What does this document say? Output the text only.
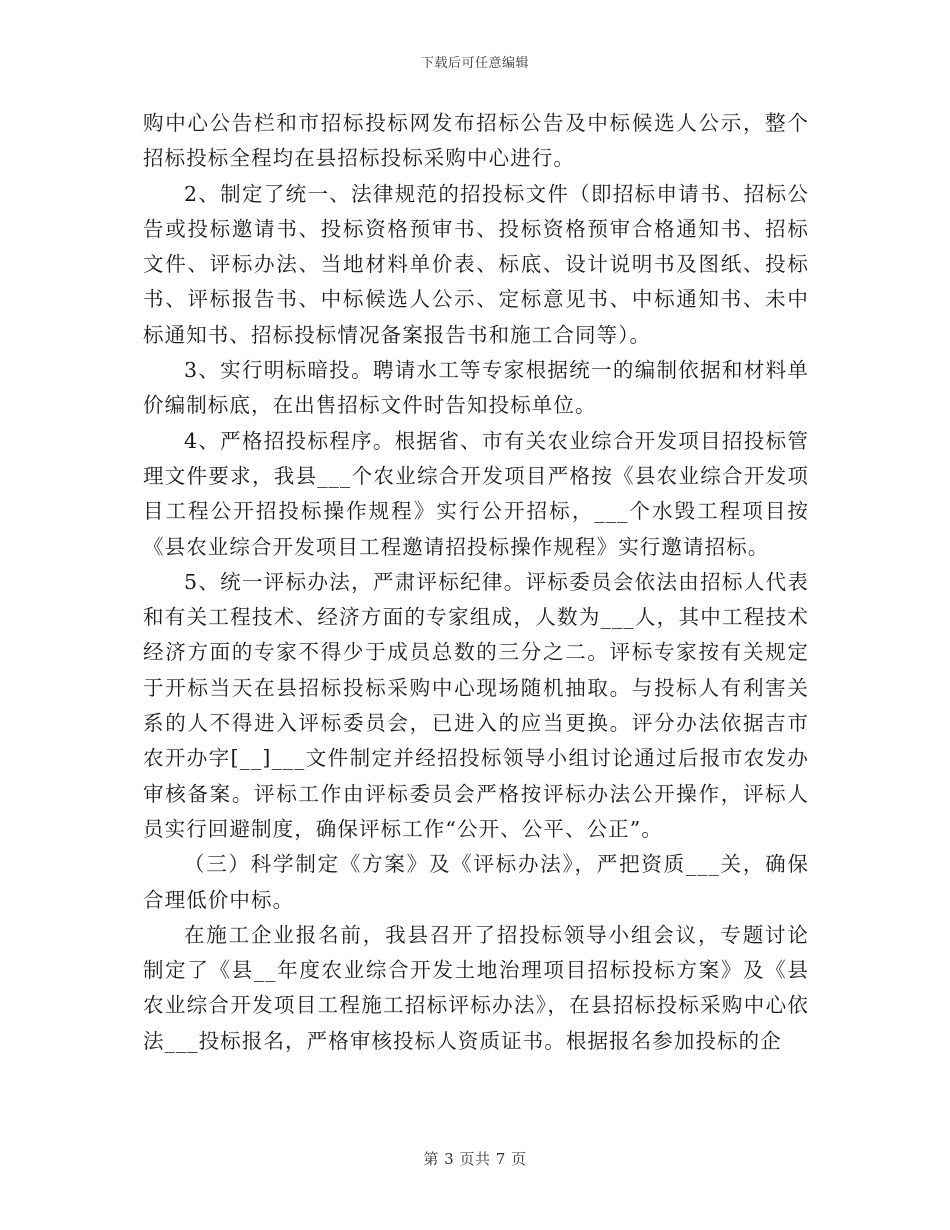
下载后可任意编辑

购中心公告栏和市招标投标网发布招标公告及中标候选人公示，整个招标投标全程均在县招标投标采购中心进行。

2、制定了统一、法律规范的招投标文件（即招标申请书、招标公告或投标邀请书、投标资格预审书、投标资格预审合格通知书、招标文件、评标办法、当地材料单价表、标底、设计说明书及图纸、投标书、评标报告书、中标候选人公示、定标意见书、中标通知书、未中标通知书、招标投标情况备案报告书和施工合同等）。

3、实行明标暗投。聘请水工等专家根据统一的编制依据和材料单价编制标底，在出售招标文件时告知投标单位。

4、严格招投标程序。根据省、市有关农业综合开发项目招投标管理文件要求，我县___个农业综合开发项目严格按《县农业综合开发项目工程公开招投标操作规程》实行公开招标，___个水毁工程项目按《县农业综合开发项目工程邀请招投标操作规程》实行邀请招标。

5、统一评标办法，严肃评标纪律。评标委员会依法由招标人代表和有关工程技术、经济方面的专家组成，人数为___人，其中工程技术经济方面的专家不得少于成员总数的三分之二。评标专家按有关规定于开标当天在县招标投标采购中心现场随机抽取。与投标人有利害关系的人不得进入评标委员会，已进入的应当更换。评分办法依据吉市农开办字[__]___文件制定并经招投标领导小组讨论通过后报市农发办审核备案。评标工作由评标委员会严格按评标办法公开操作，评标人员实行回避制度，确保评标工作“公开、公平、公正”。

（三）科学制定《方案》及《评标办法》，严把资质___关，确保合理低价中标。

在施工企业报名前，我县召开了招投标领导小组会议，专题讨论制定了《县__年度农业综合开发土地治理项目招标投标方案》及《县农业综合开发项目工程施工招标评标办法》，在县招标投标采购中心依法___投标报名，严格审核投标人资质证书。根据报名参加投标的企

第 3 页共 7 页
